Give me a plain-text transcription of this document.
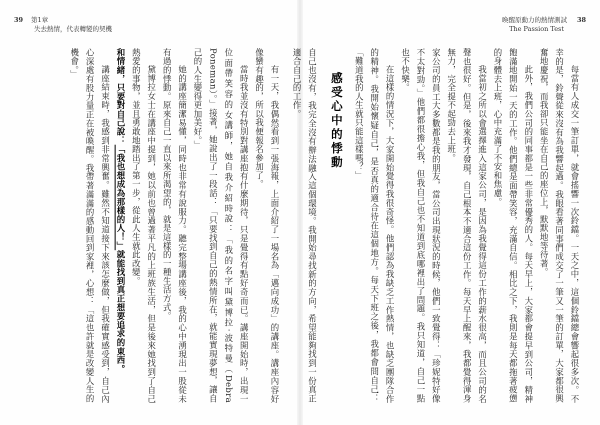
39 第1章
失去熱情，代表轉變的契機

有一天，我偶然看到一張海報，上面介紹了一場名為「邁向成功」的講座。講座內容好像蠻有趣的，所以我便報名參加了。

當時我並沒有特別對講座抱有什麼期待，只是覺得有點好奇而已。講座開始時，出現一位面帶笑容的女講師，她自我介紹時說：「我的名字叫黛博拉‧波特曼（Debra Poneman）。」接著，她說出了一段話：「只要找到自己的熱情所在，就能實現夢想，讓自己的人生變得更加美好。」

她的講座簡潔易懂，同時也非常有說服力。聽完整場講座後，我的心中湧現出一股從未有過的悸動。原來自己一直以來所渴望的，就是這樣的一種生活方式。

黛博拉女士在講座中提到，她以前也曾過著平凡的上班族生活，但是後來她找到了自己熱愛的事物，並且勇敢地踏出了第一步，從此人生就此改變。

和情緒，只要對自己說：「我也想成為那樣的人！」就能找到真正想要追求的東西。

講座結束時，我感到非常興奮。雖然不知道接下來該怎麼做，但我確實感受到，自己內心深處有股力量正在被喚醒。我帶著滿滿的感動回到家裡，心想：「這也許就是改變人生的機會。」

喚醒原動力的熱情測試 38
The Passion Test

每當有人成交一筆訂單，就會搖響一次鈴鐺。一天之中，這個鈴鐺總會響起很多次。不幸的是，鈴聲從來沒有為我響起過。我眼看著同事們成交了一筆又一筆的訂單，大家都很興奮地慶祝，而我卻只能坐在自己的座位上，默默地等待著。

此外，我們公司的同事都是一些非常優秀的人。每天早上，大家都會提早到公司，精神飽滿地開始一天的工作。他們總是面帶笑容，充滿自信。相比之下，我則是每天都拖著疲憊的身體去上班，心中充滿了不安和焦慮。

我當初之所以會選擇進入這家公司，是因為我覺得這份工作的薪水很高，而且公司的名聲也很好。但是，後來我才發現，自己根本不適合這份工作。每天早上醒來，我都覺得渾身無力，完全提不起勁去上班。

家公司的員工大多數都是我的朋友，當公司出現狀況的時候，他們一致覺得：「珍妮特好像不太對勁。」他們都很擔心我，但我自己也不知道到底哪裡出了問題。我只知道，自己一點也不快樂。

在這樣的情況下，大家開始覺得我很奇怪。他們認為我缺乏工作熱情，也缺乏團隊合作的精神。我開始懷疑自己，是否真的適合待在這個地方。每天下班之後，我都會問自己：「難道我的人生就只能這樣嗎？」

感受心中的悸動

自己也沒有，我完全沒有辦法融入這個環境。我開始尋找新的方向，希望能夠找到一份真正適合自己的工作。
